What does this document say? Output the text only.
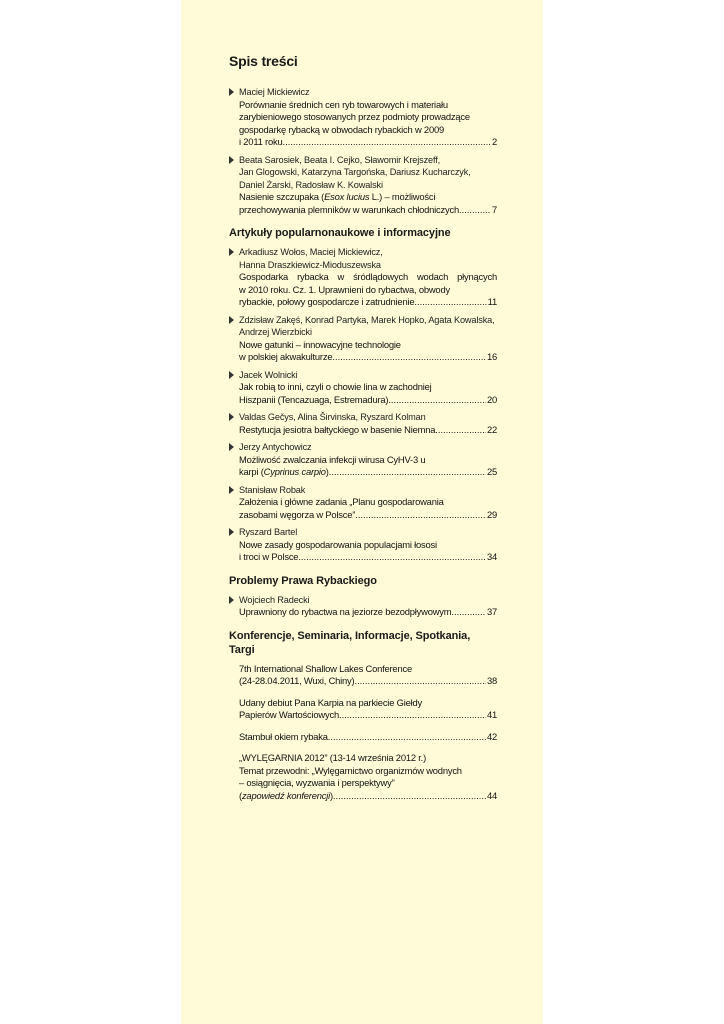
Spis treści
Maciej Mickiewicz
Porównanie średnich cen ryb towarowych i materiału
zarybieniowego stosowanych przez podmioty prowadzące
gospodarkę rybacką w obwodach rybackich w 2009
i 2011 roku .....	2
Beata Sarosiek, Beata I. Cejko, Sławomir Krejszeff,
Jan Glogowski, Katarzyna Targońska, Dariusz Kucharczyk,
Daniel Żarski, Radosław K. Kowalski
Nasienie szczupaka (Esox lucius L.) – możliwości
przechowywania plemników w warunkach chłodniczych .....	7
Artykuły popularnonaukowe i informacyjne
Arkadiusz Wołos, Maciej Mickiewicz,
Hanna Draszkiewicz-Mioduszewska
Gospodarka rybacka w śródlądowych wodach płynących
w 2010 roku. Cz. 1. Uprawnieni do rybactwa, obwody
rybackie, połowy gospodarcze i zatrudnienie .....	11
Zdzisław Zakęś, Konrad Partyka, Marek Hopko, Agata Kowalska,
Andrzej Wierzbicki
Nowe gatunki – innowacyjne technologie
w polskiej akwakulturze .....	16
Jacek Wolnicki
Jak robią to inni, czyli o chowie lina w zachodniej
Hiszpanii (Tencazuaga, Estremadura) .....	20
Valdas Gečys, Alina Širvinska, Ryszard Kolman
Restytucja jesiotra bałtyckiego w basenie Niemna .....	22
Jerzy Antychowicz
Możliwość zwalczania infekcji wirusa CyHV-3 u
karpi (Cyprinus carpio) .....	25
Stanisław Robak
Założenia i główne zadania „Planu gospodarowania
zasobami węgorza w Polsce” .....	29
Ryszard Bartel
Nowe zasady gospodarowania populacjami łososi
i troci w Polsce .....	34
Problemy Prawa Rybackiego
Wojciech Radecki
Uprawniony do rybactwa na jeziorze bezodpływowym .....	37
Konferencje, Seminaria, Informacje, Spotkania, Targi
7th International Shallow Lakes Conference
(24-28.04.2011, Wuxi, Chiny) .....	38
Udany debiut Pana Karpia na parkiecie Giełdy
Papierów Wartościowych .....	41
Stambuł okiem rybaka .....	42
„WYLĘGARNIA 2012” (13-14 września 2012 r.)
Temat przewodni: „Wylęgarnictwo organizmów wodnych
– osiągnięcia, wyzwania i perspektywy”
(zapowiedź konferencji) .....	44
